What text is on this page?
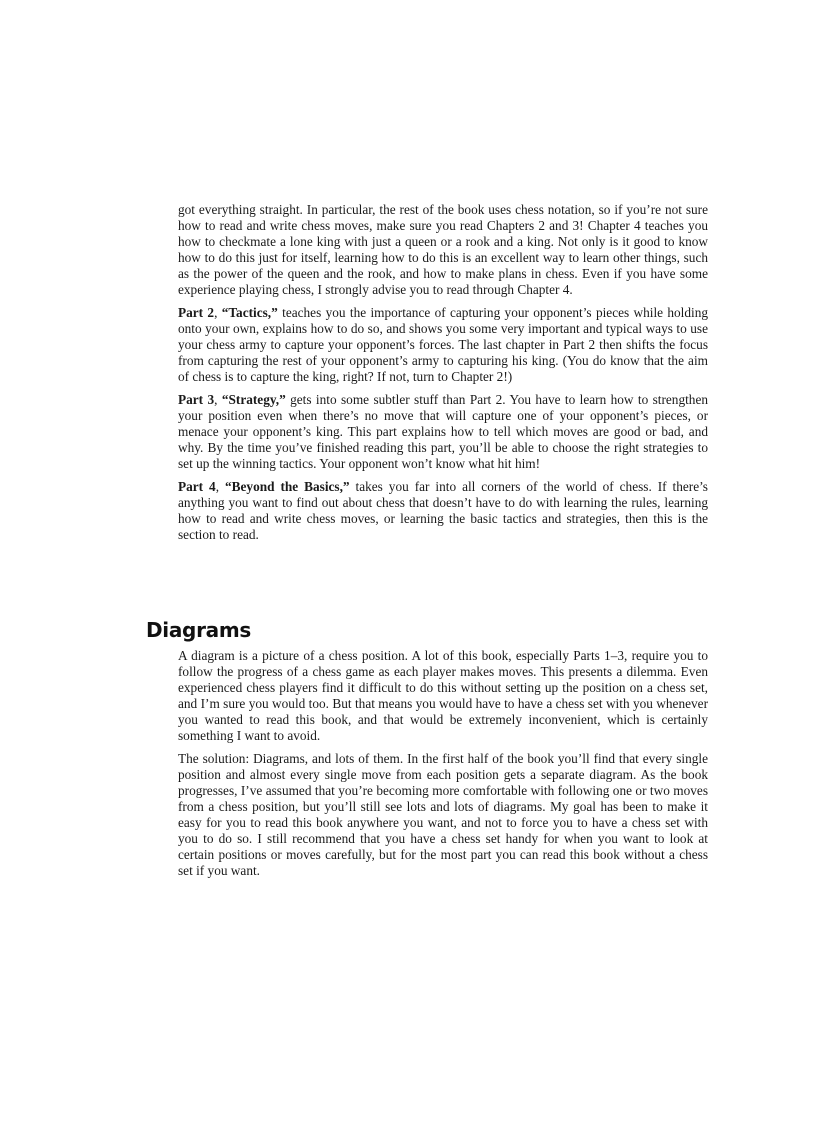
got everything straight. In particular, the rest of the book uses chess notation, so if you’re not sure how to read and write chess moves, make sure you read Chapters 2 and 3! Chapter 4 teaches you how to checkmate a lone king with just a queen or a rook and a king. Not only is it good to know how to do this just for itself, learning how to do this is an excellent way to learn other things, such as the power of the queen and the rook, and how to make plans in chess. Even if you have some experience playing chess, I strongly advise you to read through Chapter 4.

Part 2, “Tactics,” teaches you the importance of capturing your opponent’s pieces while holding onto your own, explains how to do so, and shows you some very important and typical ways to use your chess army to capture your opponent’s forces. The last chapter in Part 2 then shifts the focus from capturing the rest of your opponent’s army to capturing his king. (You do know that the aim of chess is to capture the king, right? If not, turn to Chapter 2!)

Part 3, “Strategy,” gets into some subtler stuff than Part 2. You have to learn how to strengthen your position even when there’s no move that will capture one of your opponent’s pieces, or menace your opponent’s king. This part explains how to tell which moves are good or bad, and why. By the time you’ve finished reading this part, you’ll be able to choose the right strategies to set up the winning tactics. Your opponent won’t know what hit him!

Part 4, “Beyond the Basics,” takes you far into all corners of the world of chess. If there’s anything you want to find out about chess that doesn’t have to do with learning the rules, learning how to read and write chess moves, or learning the basic tactics and strategies, then this is the section to read.

Diagrams

A diagram is a picture of a chess position. A lot of this book, especially Parts 1–3, require you to follow the progress of a chess game as each player makes moves. This presents a dilemma. Even experienced chess players find it difficult to do this without setting up the position on a chess set, and I’m sure you would too. But that means you would have to have a chess set with you whenever you wanted to read this book, and that would be extremely inconvenient, which is certainly something I want to avoid.

The solution: Diagrams, and lots of them. In the first half of the book you’ll find that every single position and almost every single move from each position gets a separate diagram. As the book progresses, I’ve assumed that you’re becoming more comfortable with following one or two moves from a chess position, but you’ll still see lots and lots of diagrams. My goal has been to make it easy for you to read this book anywhere you want, and not to force you to have a chess set with you to do so. I still recommend that you have a chess set handy for when you want to look at certain positions or moves carefully, but for the most part you can read this book without a chess set if you want.
